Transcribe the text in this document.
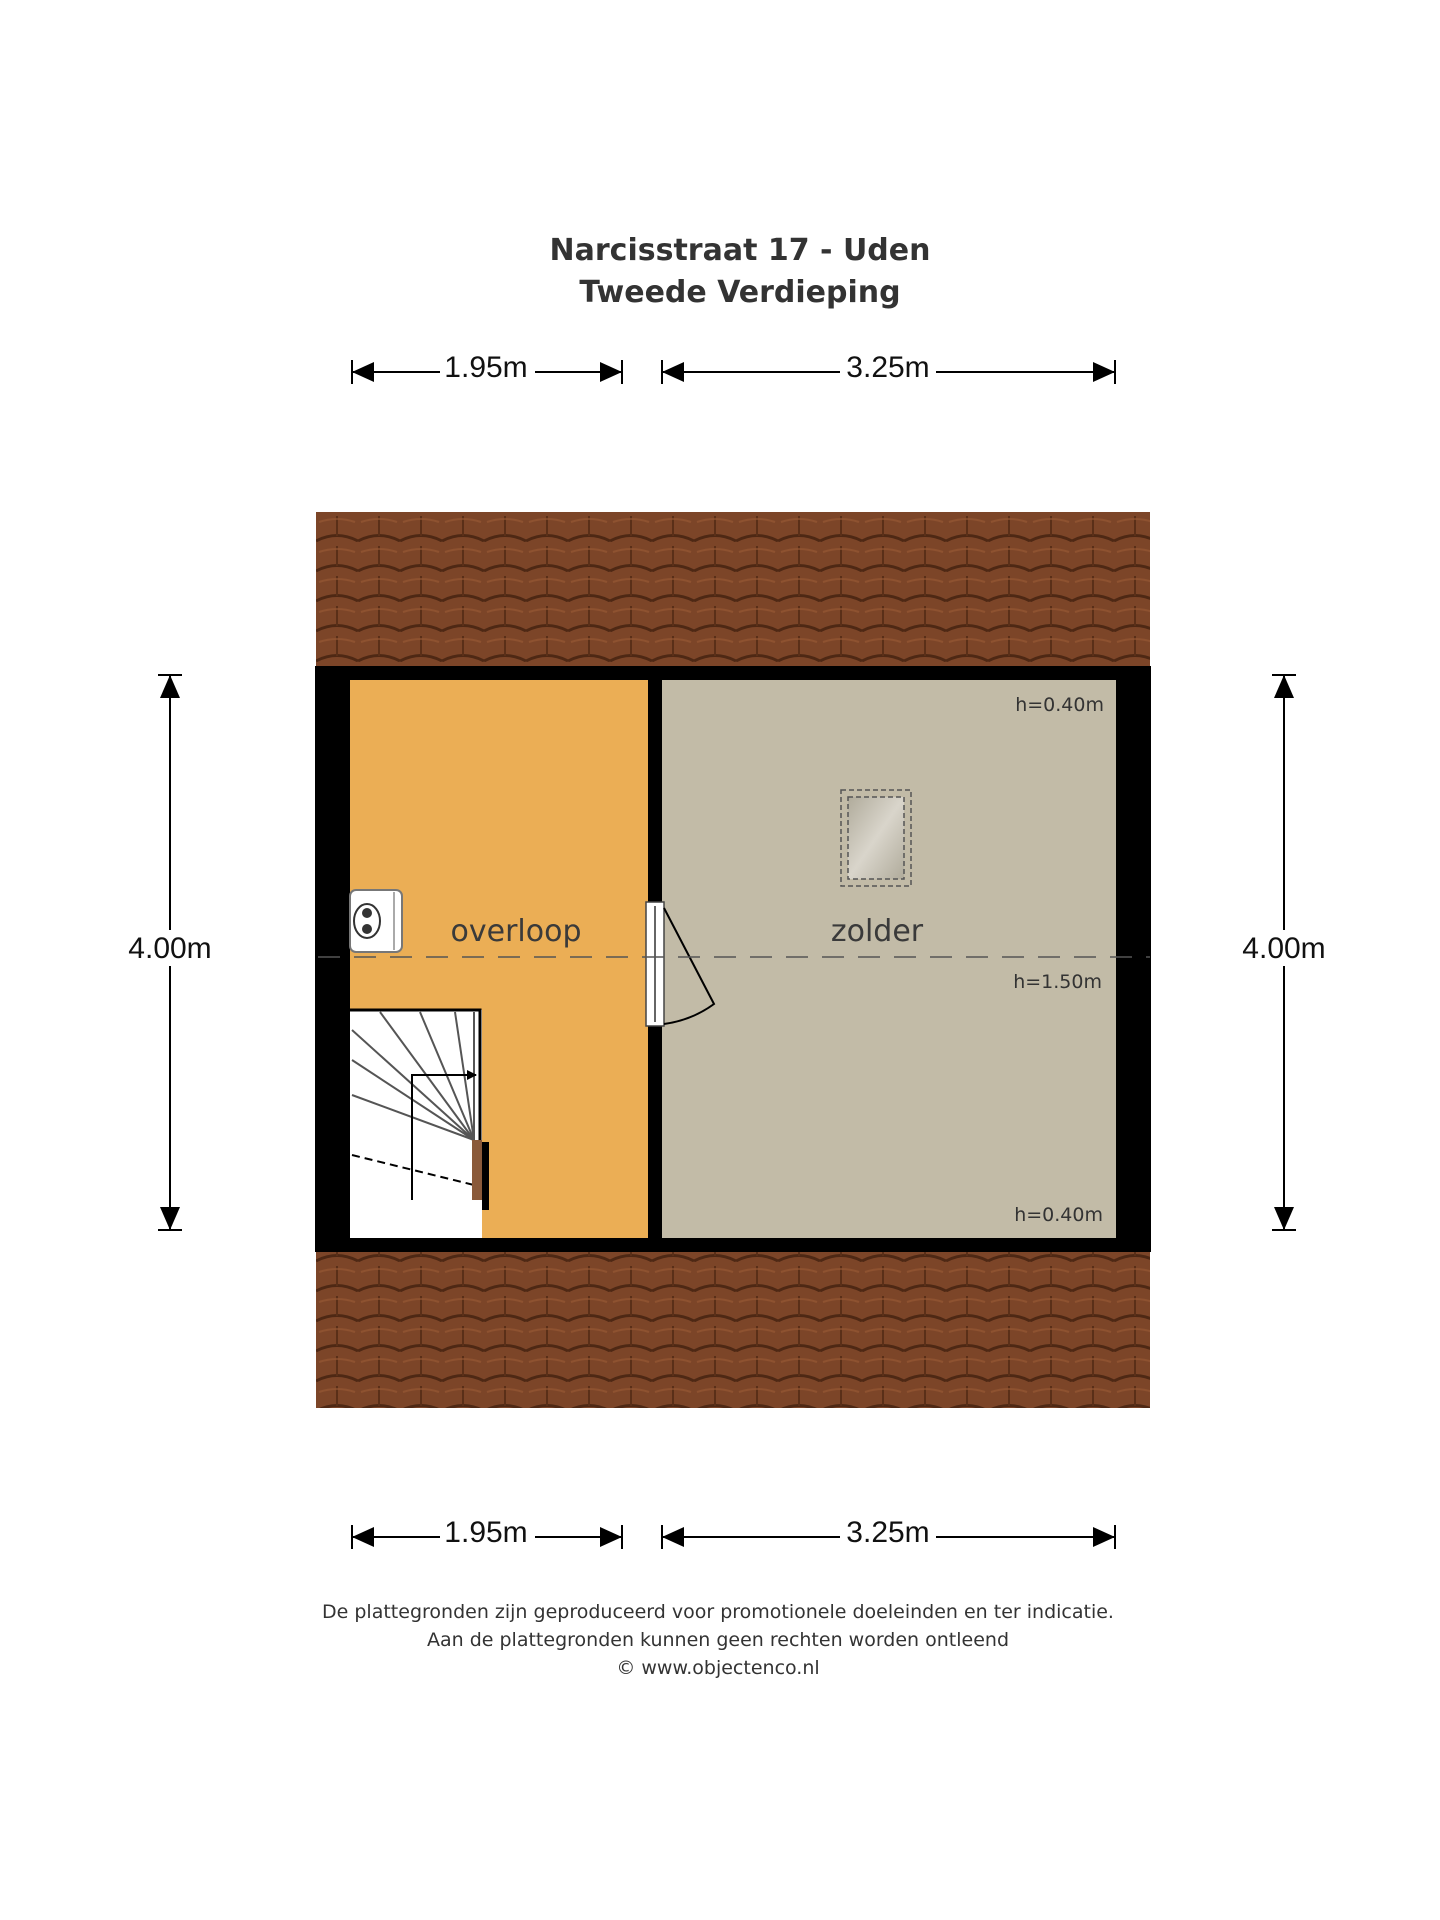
Narcisstraat 17 - Uden
Tweede Verdieping
1.95m	3.25m
overloop	zolder
h=0.40m
h=1.50m
h=0.40m
4.00m	4.00m
1.95m	3.25m
De plattegronden zijn geproduceerd voor promotionele doeleinden en ter indicatie.
Aan de plattegronden kunnen geen rechten worden ontleend
© www.objectenco.nl
